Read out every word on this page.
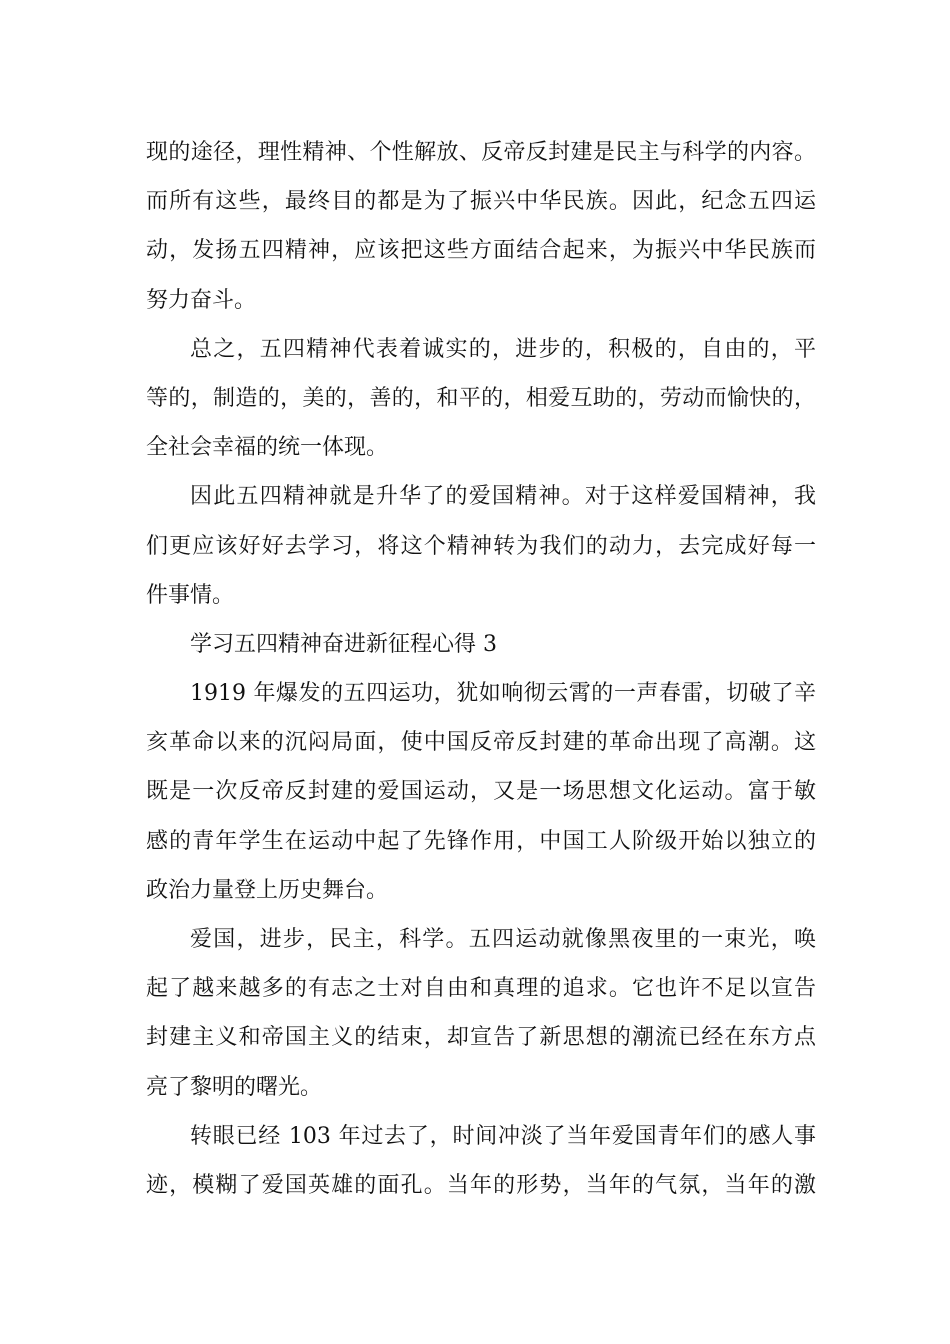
现的途径，理性精神、个性解放、反帝反封建是民主与科学的内容。
而所有这些，最终目的都是为了振兴中华民族。因此，纪念五四运
动，发扬五四精神，应该把这些方面结合起来，为振兴中华民族而
努力奋斗。
总之，五四精神代表着诚实的，进步的，积极的，自由的，平
等的，制造的，美的，善的，和平的，相爱互助的，劳动而愉快的，
全社会幸福的统一体现。
因此五四精神就是升华了的爱国精神。对于这样爱国精神，我
们更应该好好去学习，将这个精神转为我们的动力，去完成好每一
件事情。
学习五四精神奋进新征程心得 3
1919 年爆发的五四运功，犹如响彻云霄的一声春雷，切破了辛
亥革命以来的沉闷局面，使中国反帝反封建的革命出现了高潮。这
既是一次反帝反封建的爱国运动，又是一场思想文化运动。富于敏
感的青年学生在运动中起了先锋作用，中国工人阶级开始以独立的
政治力量登上历史舞台。
爱国，进步，民主，科学。五四运动就像黑夜里的一束光，唤
起了越来越多的有志之士对自由和真理的追求。它也许不足以宣告
封建主义和帝国主义的结束，却宣告了新思想的潮流已经在东方点
亮了黎明的曙光。
转眼已经 103 年过去了，时间冲淡了当年爱国青年们的感人事
迹，模糊了爱国英雄的面孔。当年的形势，当年的气氛，当年的激
